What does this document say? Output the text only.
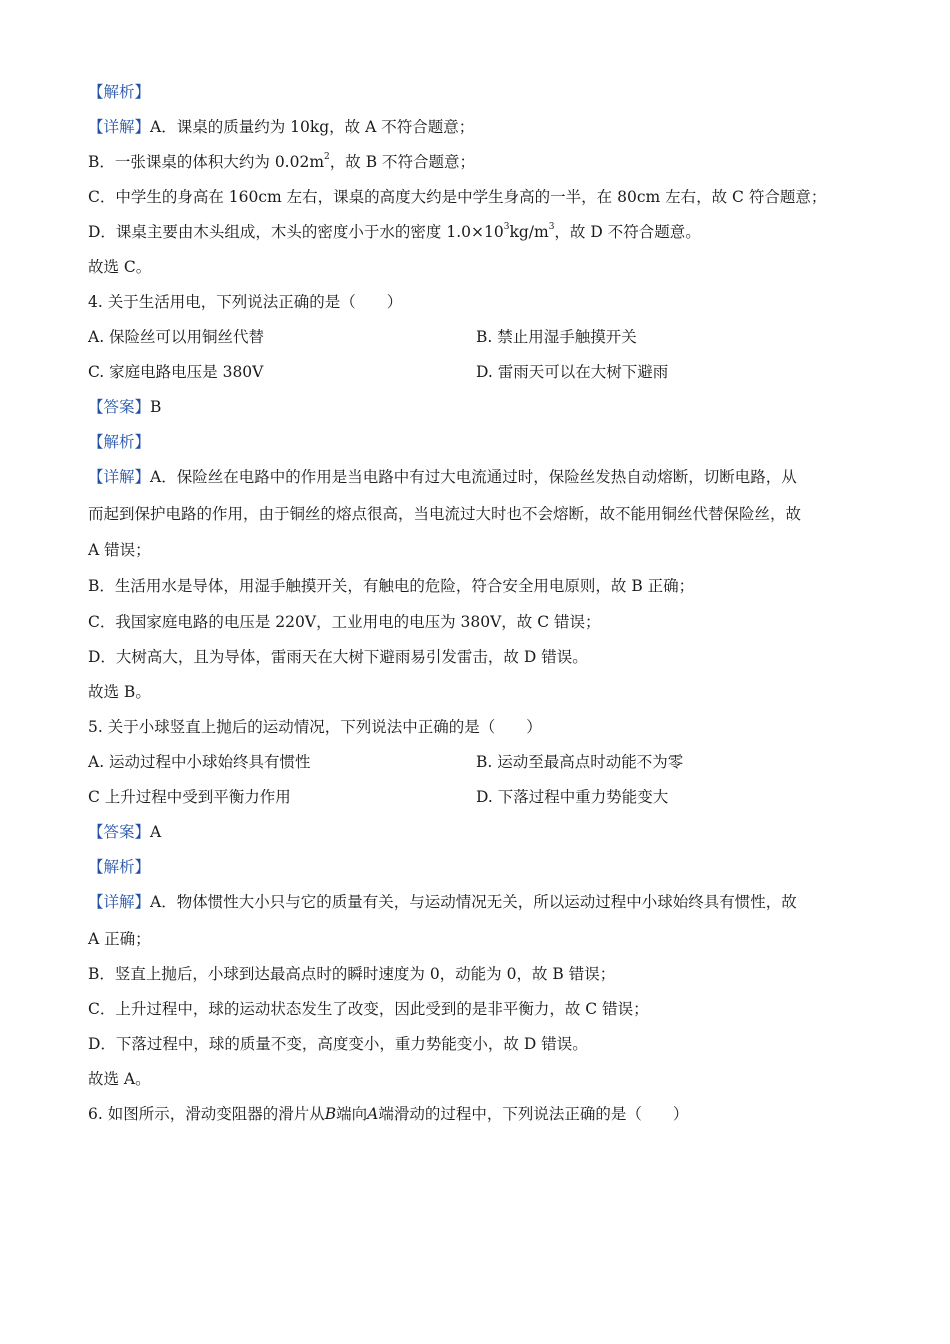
【解析】
【详解】A．课桌的质量约为 10kg，故 A 不符合题意；
B．一张课桌的体积大约为 $0.02m^2$，故 B 不符合题意；
C．中学生的身高在 160cm 左右，课桌的高度大约是中学生身高的一半，在 80cm 左右，故 C 符合题意；
D．课桌主要由木头组成，木头的密度小于水的密度 $1.0\times 10^3kg/m^3$，故 D 不符合题意。
故选 C。
4. 关于生活用电，下列说法正确的是（　　）
A. 保险丝可以用铜丝代替	B. 禁止用湿手触摸开关
C. 家庭电路电压是 380V	D. 雷雨天可以在大树下避雨
【答案】B
【解析】
【详解】A．保险丝在电路中的作用是当电路中有过大电流通过时，保险丝发热自动熔断，切断电路，从
而起到保护电路的作用，由于铜丝的熔点很高，当电流过大时也不会熔断，故不能用铜丝代替保险丝，故
A 错误；
B．生活用水是导体，用湿手触摸开关，有触电的危险，符合安全用电原则，故 B 正确；
C．我国家庭电路的电压是 220V，工业用电的电压为 380V，故 C 错误；
D．大树高大，且为导体，雷雨天在大树下避雨易引发雷击，故 D 错误。
故选 B。
5. 关于小球竖直上抛后的运动情况，下列说法中正确的是（　　）
A. 运动过程中小球始终具有惯性	B. 运动至最高点时动能不为零
C 上升过程中受到平衡力作用	D. 下落过程中重力势能变大
【答案】A
【解析】
【详解】A．物体惯性大小只与它的质量有关，与运动情况无关，所以运动过程中小球始终具有惯性，故
A 正确；
B．竖直上抛后，小球到达最高点时的瞬时速度为 0，动能为 0，故 B 错误；
C．上升过程中，球的运动状态发生了改变，因此受到的是非平衡力，故 C 错误；
D．下落过程中，球的质量不变，高度变小，重力势能变小，故 D 错误。
故选 A。
6. 如图所示，滑动变阻器的滑片从B端向A端滑动的过程中，下列说法正确的是（　　）
